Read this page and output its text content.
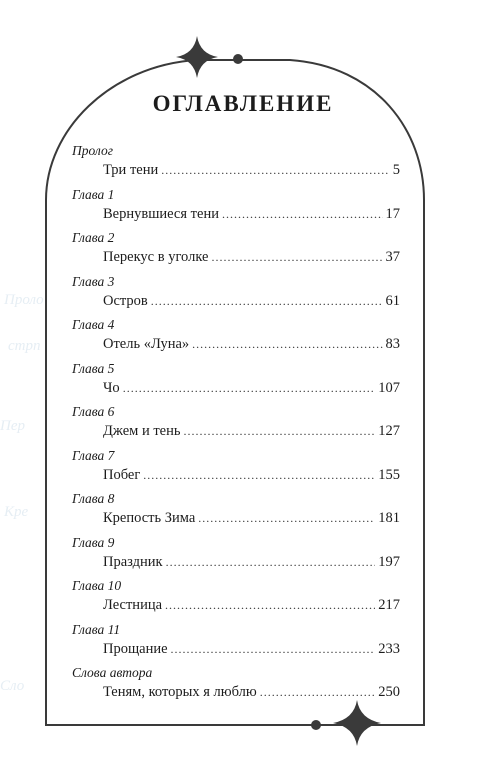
Проло
стрп
Пер
Кре
Сло
ОГЛАВЛЕНИЕ
Пролог
Три тени .....	5
Глава 1
Вернувшиеся тени .....	17
Глава 2
Перекус в уголке .....	37
Глава 3
Остров .....	61
Глава 4
Отель «Луна» .....	83
Глава 5
Чо .....	107
Глава 6
Джем и тень .....	127
Глава 7
Побег .....	155
Глава 8
Крепость Зима .....	181
Глава 9
Праздник .....	197
Глава 10
Лестница .....	217
Глава 11
Прощание .....	233
Слова автора
Теням, которых я люблю .....	250
